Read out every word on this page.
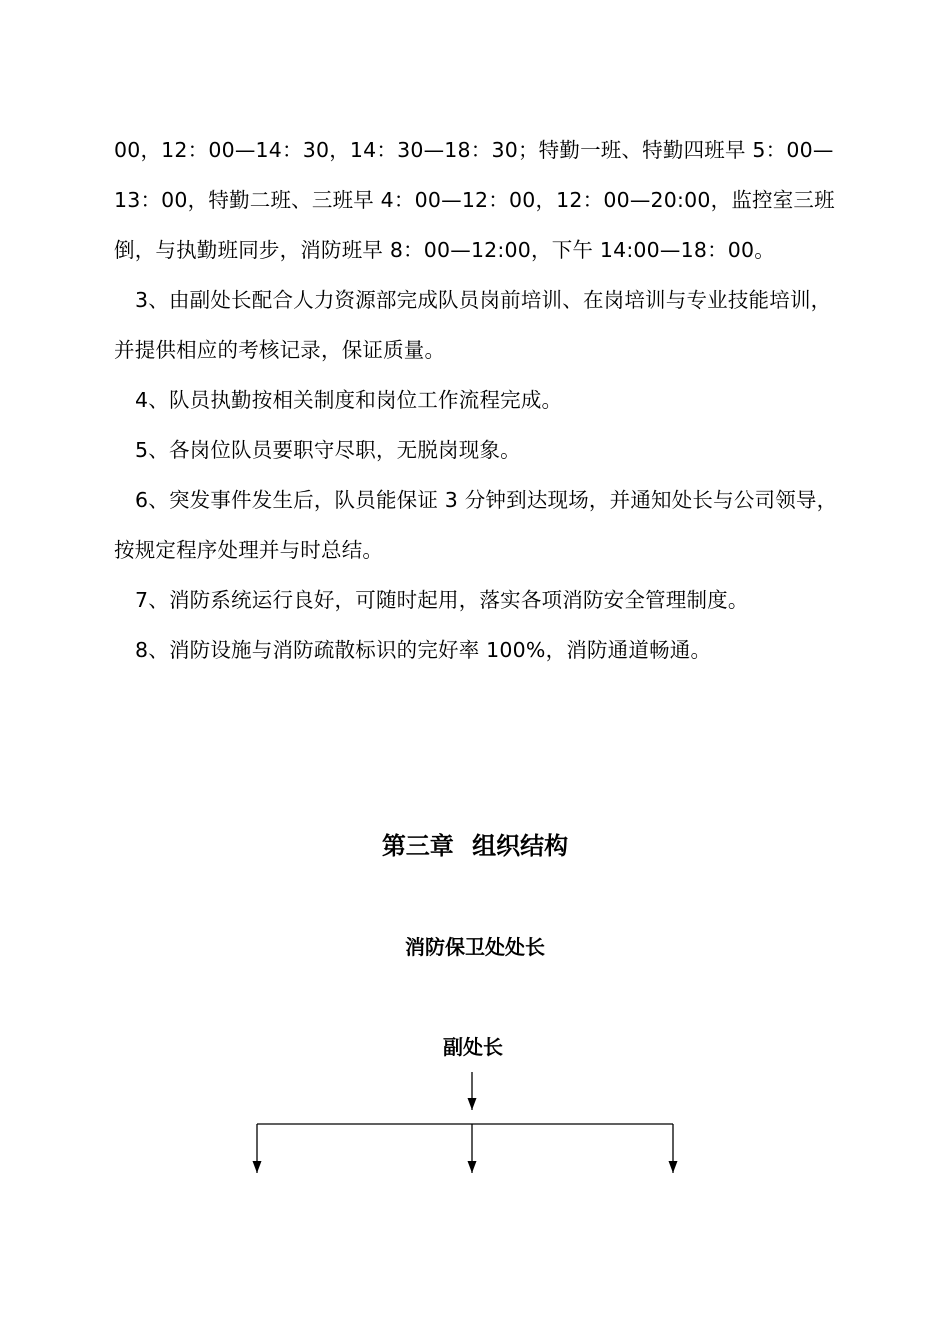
00，12：00—14：30，14：30—18：30；特勤一班、特勤四班早 5：00—13：00，特勤二班、三班早 4：00—12：00，12：00—20:00，监控室三班倒，与执勤班同步，消防班早 8：00—12:00，下午 14:00—18：00。

3、由副处长配合人力资源部完成队员岗前培训、在岗培训与专业技能培训，并提供相应的考核记录，保证质量。

4、队员执勤按相关制度和岗位工作流程完成。

5、各岗位队员要职守尽职，无脱岗现象。

6、突发事件发生后，队员能保证 3 分钟到达现场，并通知处长与公司领导，按规定程序处理并与时总结。

7、消防系统运行良好，可随时起用，落实各项消防安全管理制度。

8、消防设施与消防疏散标识的完好率 100%，消防通道畅通。

第三章 组织结构
消防保卫处处长
副处长
